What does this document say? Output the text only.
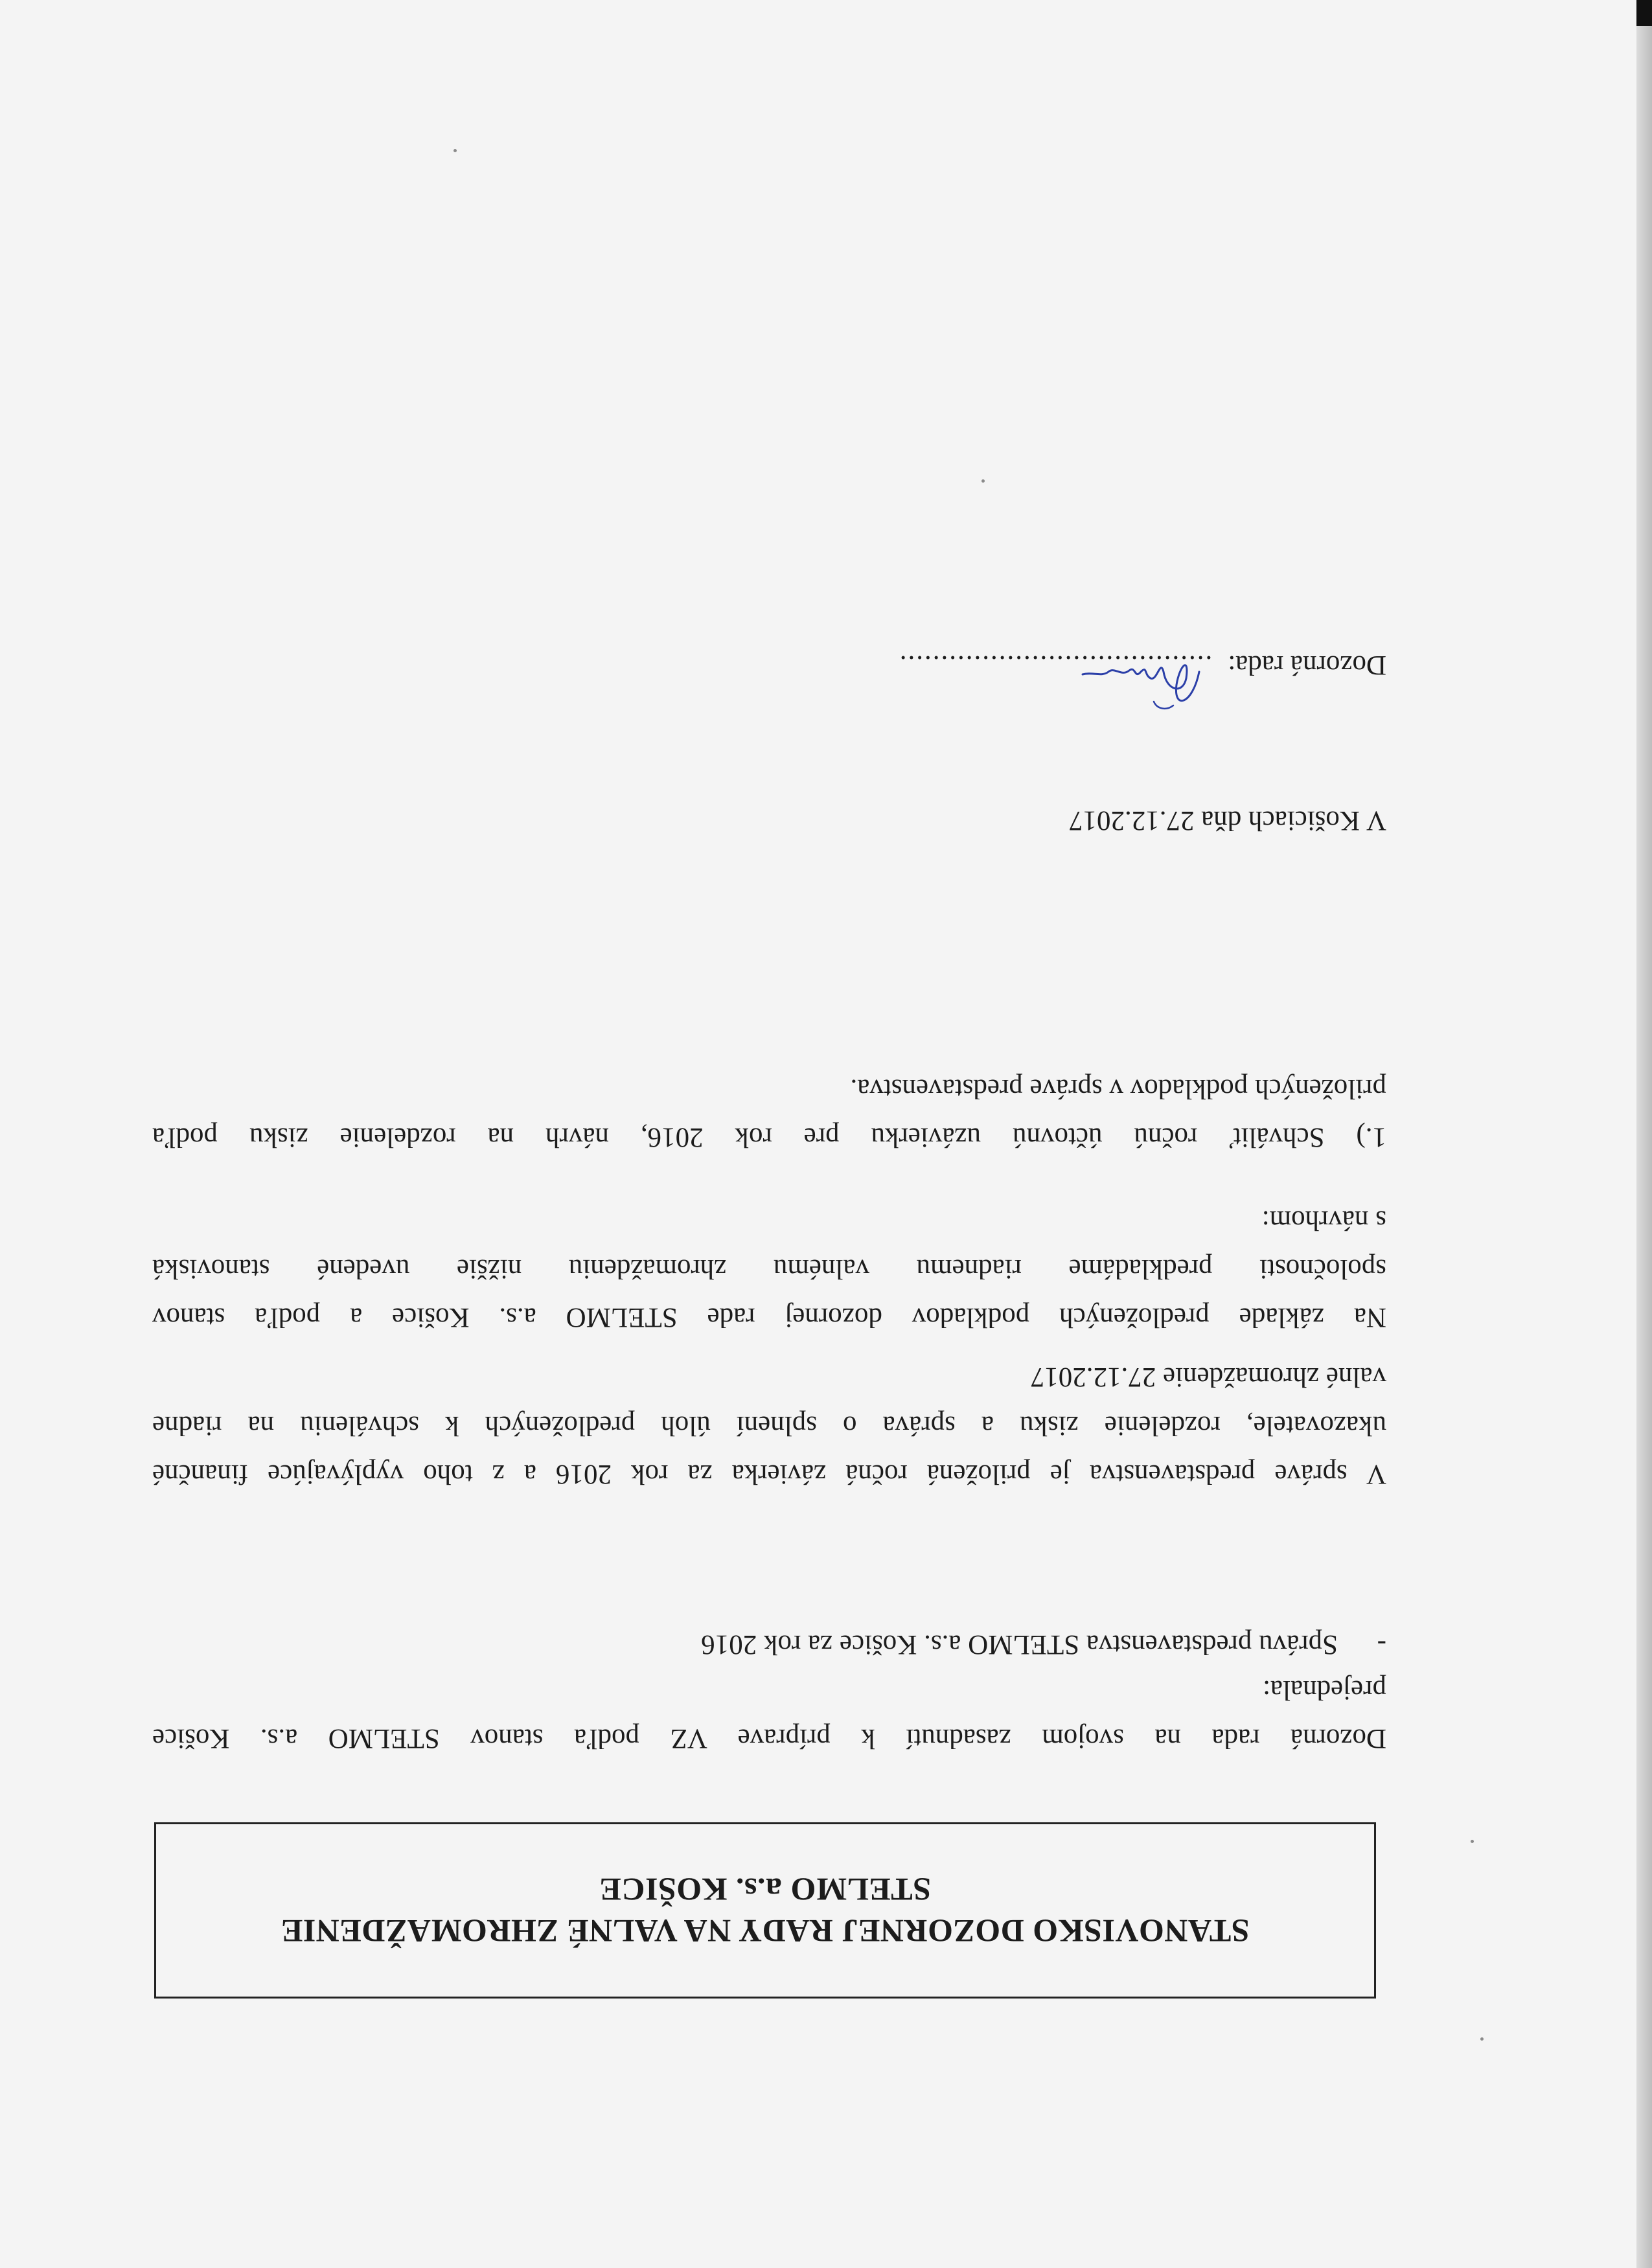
STANOVISKO DOZORNEJ RADY NA VALNÉ ZHROMAŽDENIE
STELMO a.s. KOŠICE
Dozorná rada na svojom zasadnutí k príprave VZ podľa stanov STELMO a.s. Košice
prejednala:
-Správu predstavenstva STELMO a.s. Košice za rok 2016
V správe predstavenstva je priložená ročná závierka za rok 2016 a z toho vyplývajúce finančné
ukazovatele, rozdelenie zisku a správa o splnení úloh predložených k schváleniu na riadne
valné zhromaždenie 27.12.2017
Na základe predložených podkladov dozornej rade STELMO a.s. Košice a podľa stanov
spoločnosti predkladáme riadnemu valnému zhromaždeniu nižšie uvedené stanoviská
s návrhom:
1.) Schváliť ročnú účtovnú uzávierku pre rok 2016, návrh na rozdelenie zisku podľa
priložených podkladov v správe predstavenstva.
V Košiciach dňa 27.12.2017
Dozorná rada:
......................................
